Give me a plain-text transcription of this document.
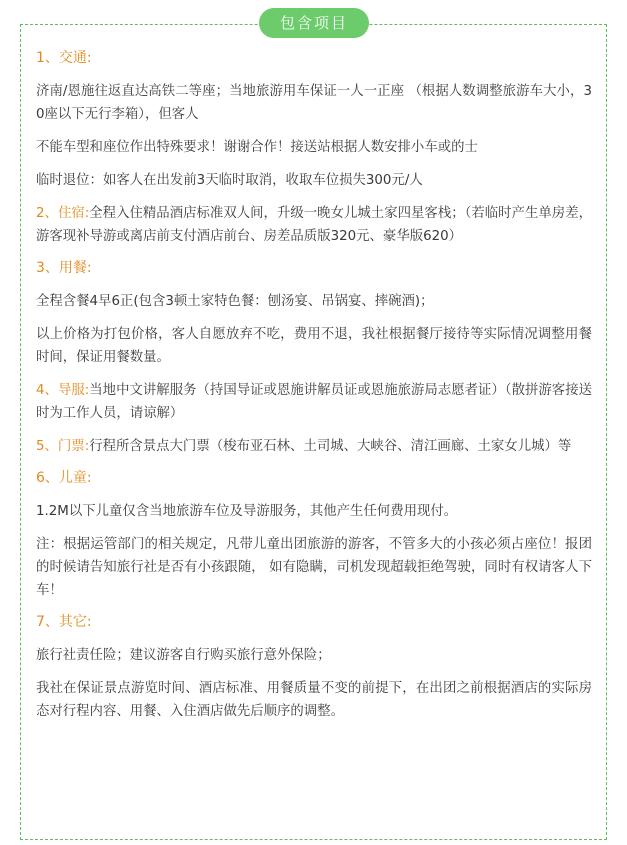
包含项目
1、交通:
济南/恩施往返直达高铁二等座；当地旅游用车保证一人一正座 （根据人数调整旅游车大小，30座以下无行李箱），但客人
不能车型和座位作出特殊要求！谢谢合作！接送站根据人数安排小车或的士
临时退位：如客人在出发前3天临时取消，收取车位损失300元/人
2、住宿:全程入住精品酒店标准双人间，升级一晚女儿城土家四星客栈；（若临时产生单房差，游客现补导游或离店前支付酒店前台、房差品质版320元、豪华版620）
3、用餐:
全程含餐4早6正(包含3顿土家特色餐：刨汤宴、吊锅宴、摔碗酒)；
以上价格为打包价格，客人自愿放弃不吃，费用不退，我社根据餐厅接待等实际情况调整用餐时间，保证用餐数量。
4、导服:当地中文讲解服务（持国导证或恩施讲解员证或恩施旅游局志愿者证）（散拼游客接送时为工作人员，请谅解）
5、门票:行程所含景点大门票（梭布亚石林、土司城、大峡谷、清江画廊、土家女儿城）等
6、儿童:
1.2M以下儿童仅含当地旅游车位及导游服务，其他产生任何费用现付。
注：根据运管部门的相关规定，凡带儿童出团旅游的游客，不管多大的小孩必须占座位！报团的时候请告知旅行社是否有小孩跟随， 如有隐瞒，司机发现超载拒绝驾驶，同时有权请客人下车！
7、其它:
旅行社责任险；建议游客自行购买旅行意外保险；
我社在保证景点游览时间、酒店标准、用餐质量不变的前提下，在出团之前根据酒店的实际房态对行程内容、用餐、入住酒店做先后顺序的调整。
